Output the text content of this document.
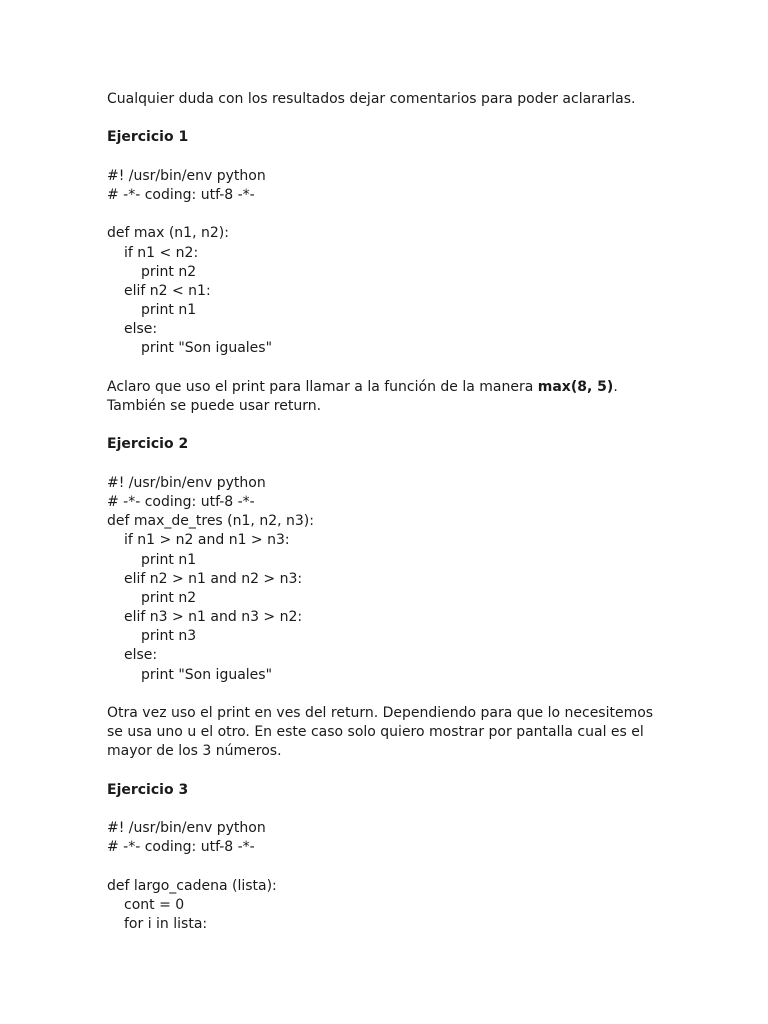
Cualquier duda con los resultados dejar comentarios para poder aclararlas.
Ejercicio 1
#! /usr/bin/env python
# -*- coding: utf-8 -*-
def max (n1, n2):
if n1 < n2:
print n2
elif n2 < n1:
print n1
else:
print "Son iguales"
Aclaro que uso el print para llamar a la función de la manera max(8, 5).
También se puede usar return.
Ejercicio 2
#! /usr/bin/env python
# -*- coding: utf-8 -*-
def max_de_tres (n1, n2, n3):
if n1 > n2 and n1 > n3:
print n1
elif n2 > n1 and n2 > n3:
print n2
elif n3 > n1 and n3 > n2:
print n3
else:
print "Son iguales"
Otra vez uso el print en ves del return. Dependiendo para que lo necesitemos
se usa uno u el otro. En este caso solo quiero mostrar por pantalla cual es el
mayor de los 3 números.
Ejercicio 3
#! /usr/bin/env python
# -*- coding: utf-8 -*-
def largo_cadena (lista):
cont = 0
for i in lista:
